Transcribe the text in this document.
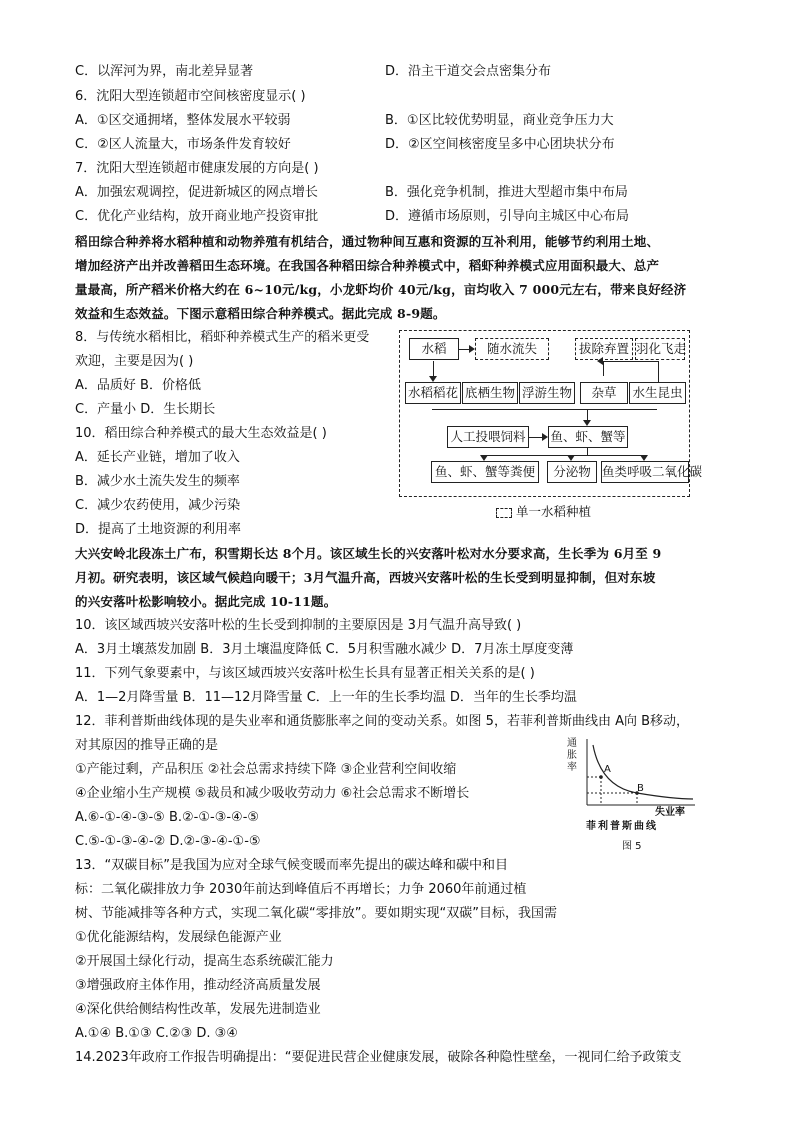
C．以浑河为界，南北差异显著	D．沿主干道交会点密集分布
6．沈阳大型连锁超市空间核密度显示( )
A．①区交通拥堵，整体发展水平较弱	B．①区比较优势明显，商业竞争压力大
C．②区人流量大，市场条件发育较好	D．②区空间核密度呈多中心团块状分布
7．沈阳大型连锁超市健康发展的方向是( )
A．加强宏观调控，促进新城区的网点增长	B．强化竞争机制，推进大型超市集中布局
C．优化产业结构，放开商业地产投资审批	D．遵循市场原则，引导向主城区中心布局
8．与传统水稻相比，稻虾种养模式生产的稻米更受
欢迎，主要是因为( )
A．品质好 B．价格低
C．产量小 D．生长期长
10．稻田综合种养模式的最大生态效益是( )
A．延长产业链，增加了收入
B．减少水土流失发生的频率
C．减少农药使用，减少污染
D．提高了土地资源的利用率
10．该区域西坡兴安落叶松的生长受到抑制的主要原因是 3月气温升高导致( )
A．3月土壤蒸发加剧 B．3月土壤温度降低 C．5月积雪融水减少 D．7月冻土厚度变薄
11．下列气象要素中，与该区域西坡兴安落叶松生长具有显著正相关关系的是( )
A．1—2月降雪量 B．11—12月降雪量 C．上一年的生长季均温 D．当年的生长季均温
12．菲利普斯曲线体现的是失业率和通货膨胀率之间的变动关系。如图 5，若菲利普斯曲线由 A向 B移动，
对其原因的推导正确的是
①产能过剩，产品积压 ②社会总需求持续下降 ③企业营利空间收缩
④企业缩小生产规模 ⑤裁员和减少吸收劳动力 ⑥社会总需求不断增长
A.⑥-①-④-③-⑤ B.②-①-③-④-⑤
C.⑤-①-③-④-② D.②-③-④-①-⑤
13．“双碳目标”是我国为应对全球气候变暖而率先提出的碳达峰和碳中和目
标：二氧化碳排放力争 2030年前达到峰值后不再增长；力争 2060年前通过植
树、节能减排等各种方式，实现二氧化碳“零排放”。要如期实现“双碳”目标，我国需
①优化能源结构，发展绿色能源产业
②开展国土绿化行动，提高生态系统碳汇能力
③增强政府主体作用，推动经济高质量发展
④深化供给侧结构性改革，发展先进制造业
A.①④ B.①③ C.②③ D. ③④
14.2023年政府工作报告明确提出：“要促进民营企业健康发展，破除各种隐性壁垒，一视同仁给予政策支
稻田综合种养将水稻种植和动物养殖有机结合，通过物种间互惠和资源的互补利用，能够节约利用土地、
增加经济产出并改善稻田生态环境。在我国各种稻田综合种养模式中，稻虾种养模式应用面积最大、总产
量最高，所产稻米价格大约在 6~10元/kg，小龙虾均价 40元/kg，亩均收入 7 000元左右，带来良好经济
效益和生态效益。下图示意稻田综合种养模式。据此完成 8-9题。
大兴安岭北段冻土广布，积雪期长达 8个月。该区域生长的兴安落叶松对水分要求高，生长季为 6月至 9
月初。研究表明，该区域气候趋向暖干；3月气温升高，西坡兴安落叶松的生长受到明显抑制，但对东坡
的兴安落叶松影响较小。据此完成 10-11题。
水稻	随水流失	拔除弃置 羽化飞走
水稻稻花 底栖生物 浮游生物	杂草	水生昆虫
人工投喂饲料 鱼、虾、蟹等
鱼、虾、蟹等粪便	分泌物 鱼类呼吸二氧化碳
单一水稻种植
通胀率	A
B
失业率
菲利普斯曲线
图 5
